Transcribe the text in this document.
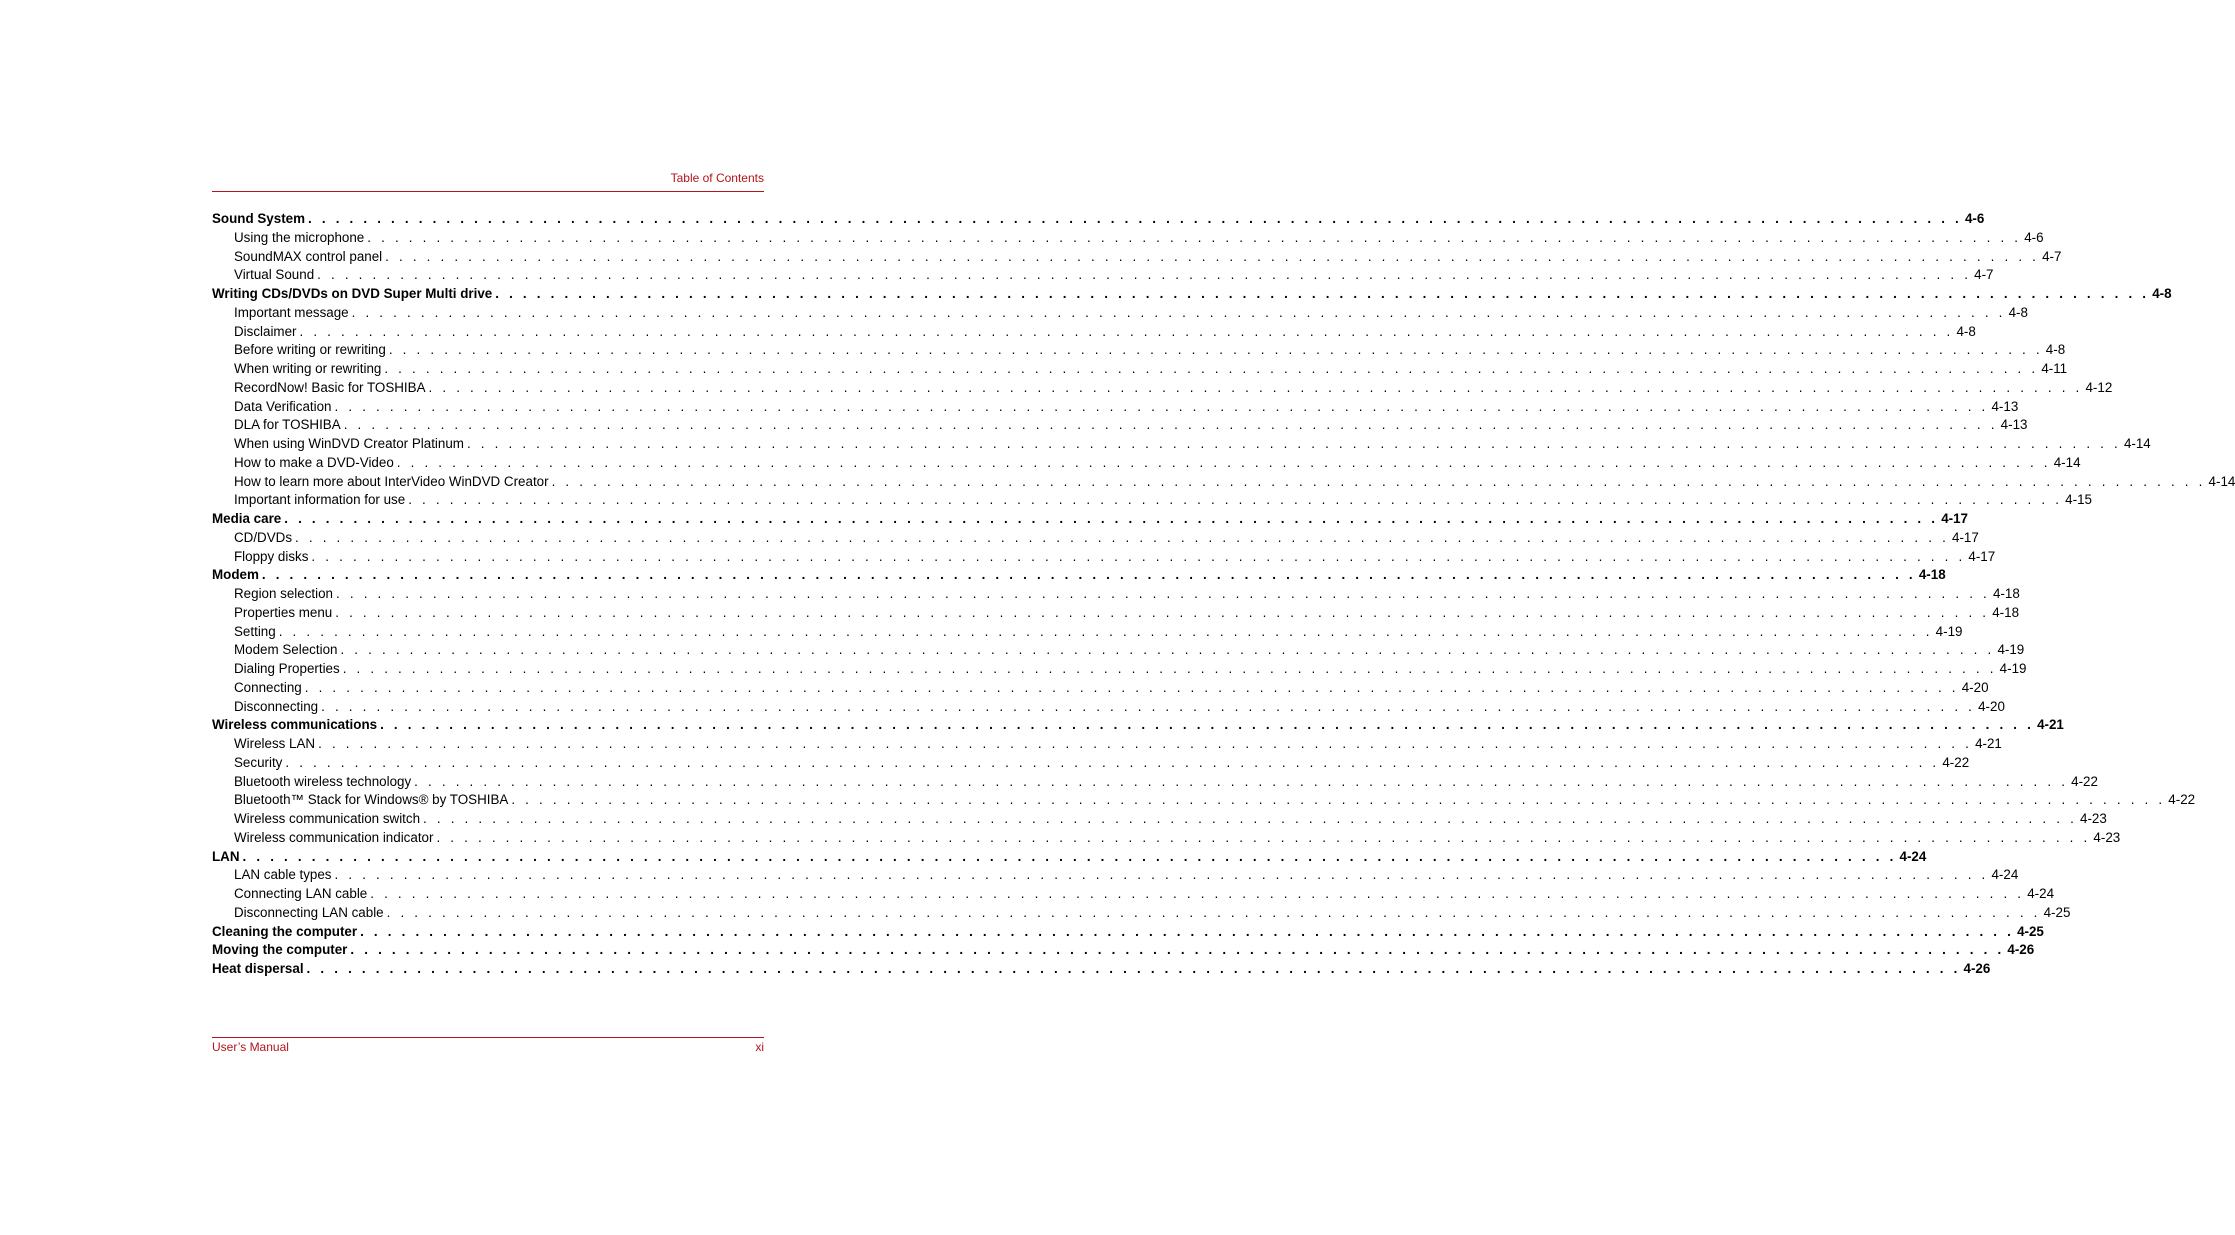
Table of Contents
Sound System . . . . . . . . . . . . . . . . . . . . . . . . . . . . . . . . . . . . . . . . . . . . . . . . . . . . . . . . . . . . . . . . . . . . . . . . . . . . . . . . . . . . . . . . . . . . . . . . . . . . . . . . . . . . . . . . . . . . . . . . 4-6
Using the microphone . . . . . . . . . . . . . . . . . . . . . . . . . . . . . . . . . . . . . . . . . . . . . . . . . . . . . . . . . . . . . . . . . . . . . . . . . . . . . . . . . . . . . . . . . . . . . . . . . . . . . . . . . . . . . . . . . . . . . . . . 4-6
SoundMAX control panel . . . . . . . . . . . . . . . . . . . . . . . . . . . . . . . . . . . . . . . . . . . . . . . . . . . . . . . . . . . . . . . . . . . . . . . . . . . . . . . . . . . . . . . . . . . . . . . . . . . . . . . . . . . . . . . . . . . . . . . . 4-7
Virtual Sound . . . . . . . . . . . . . . . . . . . . . . . . . . . . . . . . . . . . . . . . . . . . . . . . . . . . . . . . . . . . . . . . . . . . . . . . . . . . . . . . . . . . . . . . . . . . . . . . . . . . . . . . . . . . . . . . . . . . . . . . 4-7
Writing CDs/DVDs on DVD Super Multi drive . . . . . . . . . . . . . . . . . . . . . . . . . . . . . . . . . . . . . . . . . . . . . . . . . . . . . . . . . . . . . . . . . . . . . . . . . . . . . . . . . . . . . . . . . . . . . . . . . . . . . . . . . . . . . . . . . . . . . . . . 4-8
Important message . . . . . . . . . . . . . . . . . . . . . . . . . . . . . . . . . . . . . . . . . . . . . . . . . . . . . . . . . . . . . . . . . . . . . . . . . . . . . . . . . . . . . . . . . . . . . . . . . . . . . . . . . . . . . . . . . . . . . . . . 4-8
Disclaimer . . . . . . . . . . . . . . . . . . . . . . . . . . . . . . . . . . . . . . . . . . . . . . . . . . . . . . . . . . . . . . . . . . . . . . . . . . . . . . . . . . . . . . . . . . . . . . . . . . . . . . . . . . . . . . . . . . . . . . . . 4-8
Before writing or rewriting . . . . . . . . . . . . . . . . . . . . . . . . . . . . . . . . . . . . . . . . . . . . . . . . . . . . . . . . . . . . . . . . . . . . . . . . . . . . . . . . . . . . . . . . . . . . . . . . . . . . . . . . . . . . . . . . . . . . . . . . 4-8
When writing or rewriting . . . . . . . . . . . . . . . . . . . . . . . . . . . . . . . . . . . . . . . . . . . . . . . . . . . . . . . . . . . . . . . . . . . . . . . . . . . . . . . . . . . . . . . . . . . . . . . . . . . . . . . . . . . . . . . . . . . . . . . . 4-11
RecordNow! Basic for TOSHIBA . . . . . . . . . . . . . . . . . . . . . . . . . . . . . . . . . . . . . . . . . . . . . . . . . . . . . . . . . . . . . . . . . . . . . . . . . . . . . . . . . . . . . . . . . . . . . . . . . . . . . . . . . . . . . . . . . . . . . . . . 4-12
Data Verification . . . . . . . . . . . . . . . . . . . . . . . . . . . . . . . . . . . . . . . . . . . . . . . . . . . . . . . . . . . . . . . . . . . . . . . . . . . . . . . . . . . . . . . . . . . . . . . . . . . . . . . . . . . . . . . . . . . . . . . . 4-13
DLA for TOSHIBA . . . . . . . . . . . . . . . . . . . . . . . . . . . . . . . . . . . . . . . . . . . . . . . . . . . . . . . . . . . . . . . . . . . . . . . . . . . . . . . . . . . . . . . . . . . . . . . . . . . . . . . . . . . . . . . . . . . . . . . . 4-13
When using WinDVD Creator Platinum . . . . . . . . . . . . . . . . . . . . . . . . . . . . . . . . . . . . . . . . . . . . . . . . . . . . . . . . . . . . . . . . . . . . . . . . . . . . . . . . . . . . . . . . . . . . . . . . . . . . . . . . . . . . . . . . . . . . . . . . 4-14
How to make a DVD-Video . . . . . . . . . . . . . . . . . . . . . . . . . . . . . . . . . . . . . . . . . . . . . . . . . . . . . . . . . . . . . . . . . . . . . . . . . . . . . . . . . . . . . . . . . . . . . . . . . . . . . . . . . . . . . . . . . . . . . . . . 4-14
How to learn more about InterVideo WinDVD Creator . . . . . . . . . . . . . . . . . . . . . . . . . . . . . . . . . . . . . . . . . . . . . . . . . . . . . . . . . . . . . . . . . . . . . . . . . . . . . . . . . . . . . . . . . . . . . . . . . . . . . . . . . . . . . . . . . . . . . . . . 4-14
Important information for use . . . . . . . . . . . . . . . . . . . . . . . . . . . . . . . . . . . . . . . . . . . . . . . . . . . . . . . . . . . . . . . . . . . . . . . . . . . . . . . . . . . . . . . . . . . . . . . . . . . . . . . . . . . . . . . . . . . . . . . . 4-15
Media care . . . . . . . . . . . . . . . . . . . . . . . . . . . . . . . . . . . . . . . . . . . . . . . . . . . . . . . . . . . . . . . . . . . . . . . . . . . . . . . . . . . . . . . . . . . . . . . . . . . . . . . . . . . . . . . . . . . . . . . . 4-17
CD/DVDs . . . . . . . . . . . . . . . . . . . . . . . . . . . . . . . . . . . . . . . . . . . . . . . . . . . . . . . . . . . . . . . . . . . . . . . . . . . . . . . . . . . . . . . . . . . . . . . . . . . . . . . . . . . . . . . . . . . . . . . . 4-17
Floppy disks . . . . . . . . . . . . . . . . . . . . . . . . . . . . . . . . . . . . . . . . . . . . . . . . . . . . . . . . . . . . . . . . . . . . . . . . . . . . . . . . . . . . . . . . . . . . . . . . . . . . . . . . . . . . . . . . . . . . . . . . 4-17
Modem . . . . . . . . . . . . . . . . . . . . . . . . . . . . . . . . . . . . . . . . . . . . . . . . . . . . . . . . . . . . . . . . . . . . . . . . . . . . . . . . . . . . . . . . . . . . . . . . . . . . . . . . . . . . . . . . . . . . . . . . 4-18
Region selection . . . . . . . . . . . . . . . . . . . . . . . . . . . . . . . . . . . . . . . . . . . . . . . . . . . . . . . . . . . . . . . . . . . . . . . . . . . . . . . . . . . . . . . . . . . . . . . . . . . . . . . . . . . . . . . . . . . . . . . . 4-18
Properties menu . . . . . . . . . . . . . . . . . . . . . . . . . . . . . . . . . . . . . . . . . . . . . . . . . . . . . . . . . . . . . . . . . . . . . . . . . . . . . . . . . . . . . . . . . . . . . . . . . . . . . . . . . . . . . . . . . . . . . . . . 4-18
Setting . . . . . . . . . . . . . . . . . . . . . . . . . . . . . . . . . . . . . . . . . . . . . . . . . . . . . . . . . . . . . . . . . . . . . . . . . . . . . . . . . . . . . . . . . . . . . . . . . . . . . . . . . . . . . . . . . . . . . . . . 4-19
Modem Selection . . . . . . . . . . . . . . . . . . . . . . . . . . . . . . . . . . . . . . . . . . . . . . . . . . . . . . . . . . . . . . . . . . . . . . . . . . . . . . . . . . . . . . . . . . . . . . . . . . . . . . . . . . . . . . . . . . . . . . . . 4-19
Dialing Properties . . . . . . . . . . . . . . . . . . . . . . . . . . . . . . . . . . . . . . . . . . . . . . . . . . . . . . . . . . . . . . . . . . . . . . . . . . . . . . . . . . . . . . . . . . . . . . . . . . . . . . . . . . . . . . . . . . . . . . . . 4-19
Connecting . . . . . . . . . . . . . . . . . . . . . . . . . . . . . . . . . . . . . . . . . . . . . . . . . . . . . . . . . . . . . . . . . . . . . . . . . . . . . . . . . . . . . . . . . . . . . . . . . . . . . . . . . . . . . . . . . . . . . . . . 4-20
Disconnecting . . . . . . . . . . . . . . . . . . . . . . . . . . . . . . . . . . . . . . . . . . . . . . . . . . . . . . . . . . . . . . . . . . . . . . . . . . . . . . . . . . . . . . . . . . . . . . . . . . . . . . . . . . . . . . . . . . . . . . . . 4-20
Wireless communications . . . . . . . . . . . . . . . . . . . . . . . . . . . . . . . . . . . . . . . . . . . . . . . . . . . . . . . . . . . . . . . . . . . . . . . . . . . . . . . . . . . . . . . . . . . . . . . . . . . . . . . . . . . . . . . . . . . . . . . . 4-21
Wireless LAN . . . . . . . . . . . . . . . . . . . . . . . . . . . . . . . . . . . . . . . . . . . . . . . . . . . . . . . . . . . . . . . . . . . . . . . . . . . . . . . . . . . . . . . . . . . . . . . . . . . . . . . . . . . . . . . . . . . . . . . . 4-21
Security . . . . . . . . . . . . . . . . . . . . . . . . . . . . . . . . . . . . . . . . . . . . . . . . . . . . . . . . . . . . . . . . . . . . . . . . . . . . . . . . . . . . . . . . . . . . . . . . . . . . . . . . . . . . . . . . . . . . . . . . 4-22
Bluetooth wireless technology . . . . . . . . . . . . . . . . . . . . . . . . . . . . . . . . . . . . . . . . . . . . . . . . . . . . . . . . . . . . . . . . . . . . . . . . . . . . . . . . . . . . . . . . . . . . . . . . . . . . . . . . . . . . . . . . . . . . . . . . 4-22
Bluetooth™ Stack for Windows® by TOSHIBA . . . . . . . . . . . . . . . . . . . . . . . . . . . . . . . . . . . . . . . . . . . . . . . . . . . . . . . . . . . . . . . . . . . . . . . . . . . . . . . . . . . . . . . . . . . . . . . . . . . . . . . . . . . . . . . . . . . . . . . . 4-22
Wireless communication switch . . . . . . . . . . . . . . . . . . . . . . . . . . . . . . . . . . . . . . . . . . . . . . . . . . . . . . . . . . . . . . . . . . . . . . . . . . . . . . . . . . . . . . . . . . . . . . . . . . . . . . . . . . . . . . . . . . . . . . . . 4-23
Wireless communication indicator . . . . . . . . . . . . . . . . . . . . . . . . . . . . . . . . . . . . . . . . . . . . . . . . . . . . . . . . . . . . . . . . . . . . . . . . . . . . . . . . . . . . . . . . . . . . . . . . . . . . . . . . . . . . . . . . . . . . . . . . 4-23
LAN . . . . . . . . . . . . . . . . . . . . . . . . . . . . . . . . . . . . . . . . . . . . . . . . . . . . . . . . . . . . . . . . . . . . . . . . . . . . . . . . . . . . . . . . . . . . . . . . . . . . . . . . . . . . . . . . . . . . . . . . 4-24
LAN cable types . . . . . . . . . . . . . . . . . . . . . . . . . . . . . . . . . . . . . . . . . . . . . . . . . . . . . . . . . . . . . . . . . . . . . . . . . . . . . . . . . . . . . . . . . . . . . . . . . . . . . . . . . . . . . . . . . . . . . . . . 4-24
Connecting LAN cable . . . . . . . . . . . . . . . . . . . . . . . . . . . . . . . . . . . . . . . . . . . . . . . . . . . . . . . . . . . . . . . . . . . . . . . . . . . . . . . . . . . . . . . . . . . . . . . . . . . . . . . . . . . . . . . . . . . . . . . . 4-24
Disconnecting LAN cable . . . . . . . . . . . . . . . . . . . . . . . . . . . . . . . . . . . . . . . . . . . . . . . . . . . . . . . . . . . . . . . . . . . . . . . . . . . . . . . . . . . . . . . . . . . . . . . . . . . . . . . . . . . . . . . . . . . . . . . . 4-25
Cleaning the computer . . . . . . . . . . . . . . . . . . . . . . . . . . . . . . . . . . . . . . . . . . . . . . . . . . . . . . . . . . . . . . . . . . . . . . . . . . . . . . . . . . . . . . . . . . . . . . . . . . . . . . . . . . . . . . . . . . . . . . . . 4-25
Moving the computer . . . . . . . . . . . . . . . . . . . . . . . . . . . . . . . . . . . . . . . . . . . . . . . . . . . . . . . . . . . . . . . . . . . . . . . . . . . . . . . . . . . . . . . . . . . . . . . . . . . . . . . . . . . . . . . . . . . . . . . . 4-26
Heat dispersal . . . . . . . . . . . . . . . . . . . . . . . . . . . . . . . . . . . . . . . . . . . . . . . . . . . . . . . . . . . . . . . . . . . . . . . . . . . . . . . . . . . . . . . . . . . . . . . . . . . . . . . . . . . . . . . . . . . . . . . . 4-26
User’s Manual	xi
